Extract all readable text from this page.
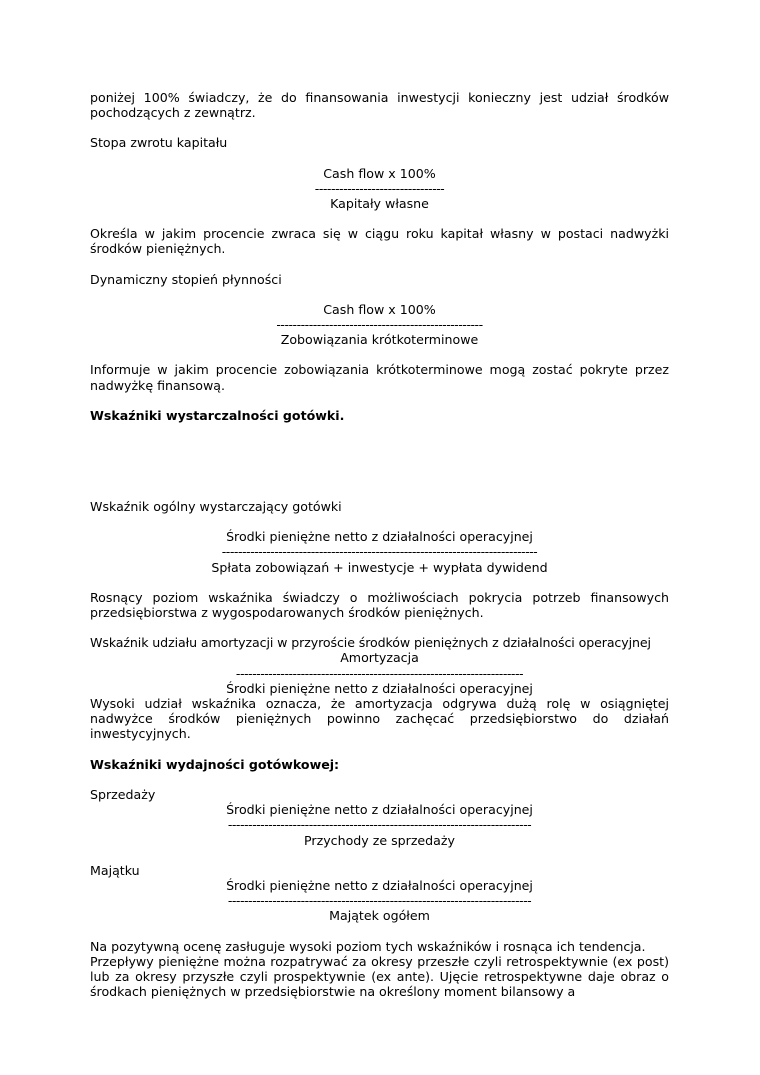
poniżej 100% świadczy, że do finansowania inwestycji konieczny jest udział środków pochodzących z zewnątrz.

Stopa zwrotu kapitału

Cash flow x 100%

--------------------------------

Kapitały własne

Określa w jakim procencie zwraca się w ciągu roku kapitał własny w postaci nadwyżki środków pieniężnych.

Dynamiczny stopień płynności

Cash flow x 100%

---------------------------------------------------

Zobowiązania krótkoterminowe

Informuje w jakim procencie zobowiązania krótkoterminowe mogą zostać pokryte przez nadwyżkę finansową.

Wskaźniki wystarczalności gotówki.

Wskaźnik ogólny wystarczający gotówki

Środki pieniężne netto z działalności operacyjnej

------------------------------------------------------------------------------

Spłata zobowiązań + inwestycje + wypłata dywidend

Rosnący poziom wskaźnika świadczy o możliwościach pokrycia potrzeb finansowych przedsiębiorstwa z wygospodarowanych środków pieniężnych.

Wskaźnik udziału amortyzacji w przyroście środków pieniężnych z działalności operacyjnej

Amortyzacja

-----------------------------------------------------------------------

Środki pieniężne netto z działalności operacyjnej

Wysoki udział wskaźnika oznacza, że amortyzacja odgrywa dużą rolę w osiągniętej nadwyżce środków pieniężnych powinno zachęcać przedsiębiorstwo do działań inwestycyjnych.

Wskaźniki wydajności gotówkowej:

Sprzedaży

Środki pieniężne netto z działalności operacyjnej

---------------------------------------------------------------------------

Przychody ze sprzedaży

Majątku

Środki pieniężne netto z działalności operacyjnej

---------------------------------------------------------------------------

Majątek ogółem

Na pozytywną ocenę zasługuje wysoki poziom tych wskaźników i rosnąca ich tendencja.

Przepływy pieniężne można rozpatrywać za okresy przeszłe czyli retrospektywnie (ex post) lub za okresy przyszłe czyli prospektywnie (ex ante). Ujęcie retrospektywne daje obraz o środkach pieniężnych w przedsiębiorstwie na określony moment bilansowy a
